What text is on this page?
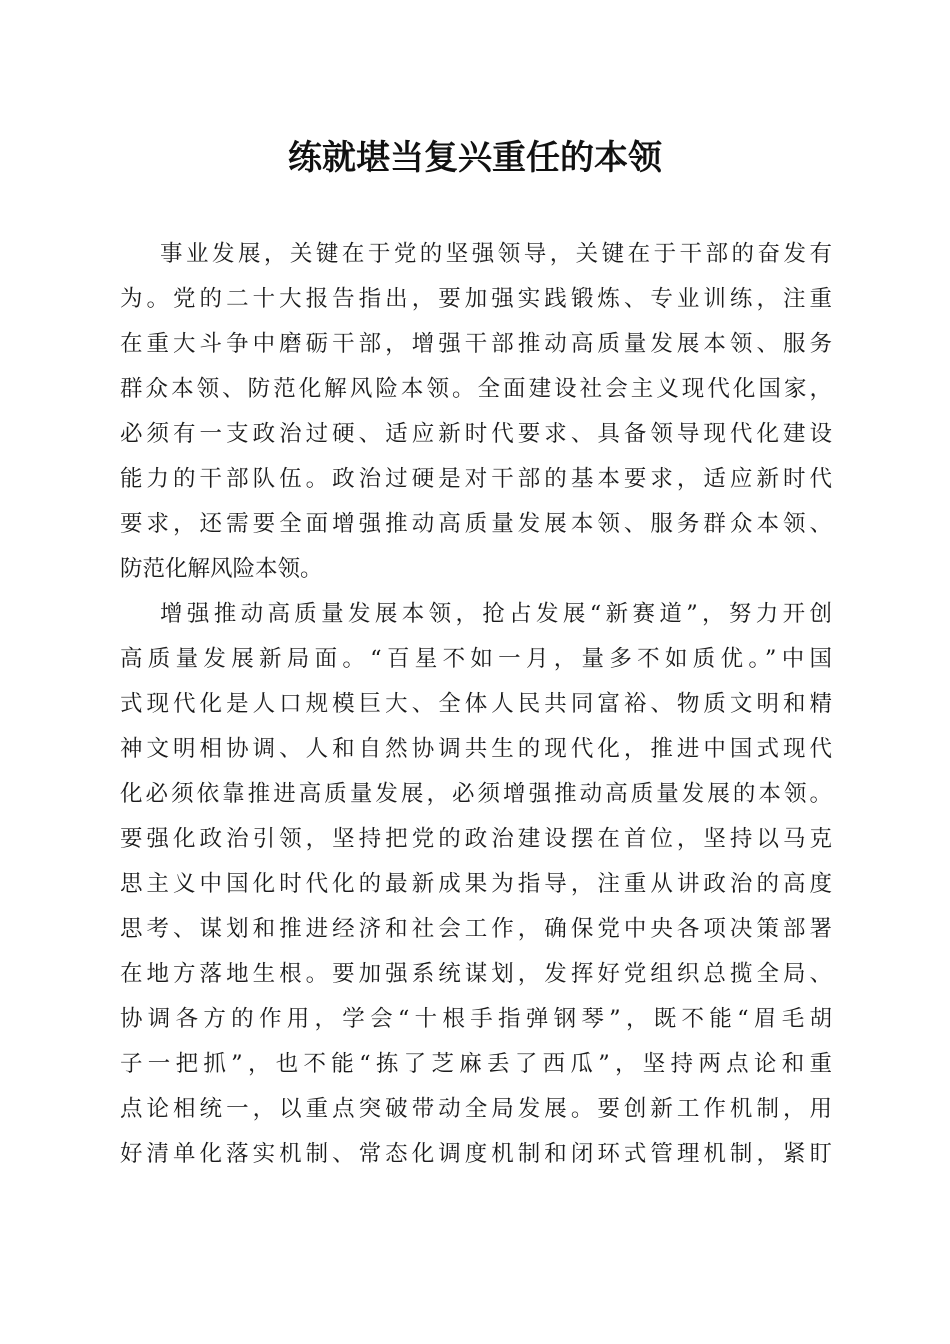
练就堪当复兴重任的本领
事业发展，关键在于党的坚强领导，关键在于干部的奋发有
为。党的二十大报告指出，要加强实践锻炼、专业训练，注重
在重大斗争中磨砺干部，增强干部推动高质量发展本领、服务
群众本领、防范化解风险本领。全面建设社会主义现代化国家，
必须有一支政治过硬、适应新时代要求、具备领导现代化建设
能力的干部队伍。政治过硬是对干部的基本要求，适应新时代
要求，还需要全面增强推动高质量发展本领、服务群众本领、
防范化解风险本领。
增强推动高质量发展本领，抢占发展“新赛道”，努力开创
高质量发展新局面。“百星不如一月，量多不如质优。”中国
式现代化是人口规模巨大、全体人民共同富裕、物质文明和精
神文明相协调、人和自然协调共生的现代化，推进中国式现代
化必须依靠推进高质量发展，必须增强推动高质量发展的本领。
要强化政治引领，坚持把党的政治建设摆在首位，坚持以马克
思主义中国化时代化的最新成果为指导，注重从讲政治的高度
思考、谋划和推进经济和社会工作，确保党中央各项决策部署
在地方落地生根。要加强系统谋划，发挥好党组织总揽全局、
协调各方的作用，学会“十根手指弹钢琴”，既不能“眉毛胡
子一把抓”，也不能“拣了芝麻丢了西瓜”，坚持两点论和重
点论相统一，以重点突破带动全局发展。要创新工作机制，用
好清单化落实机制、常态化调度机制和闭环式管理机制，紧盯
